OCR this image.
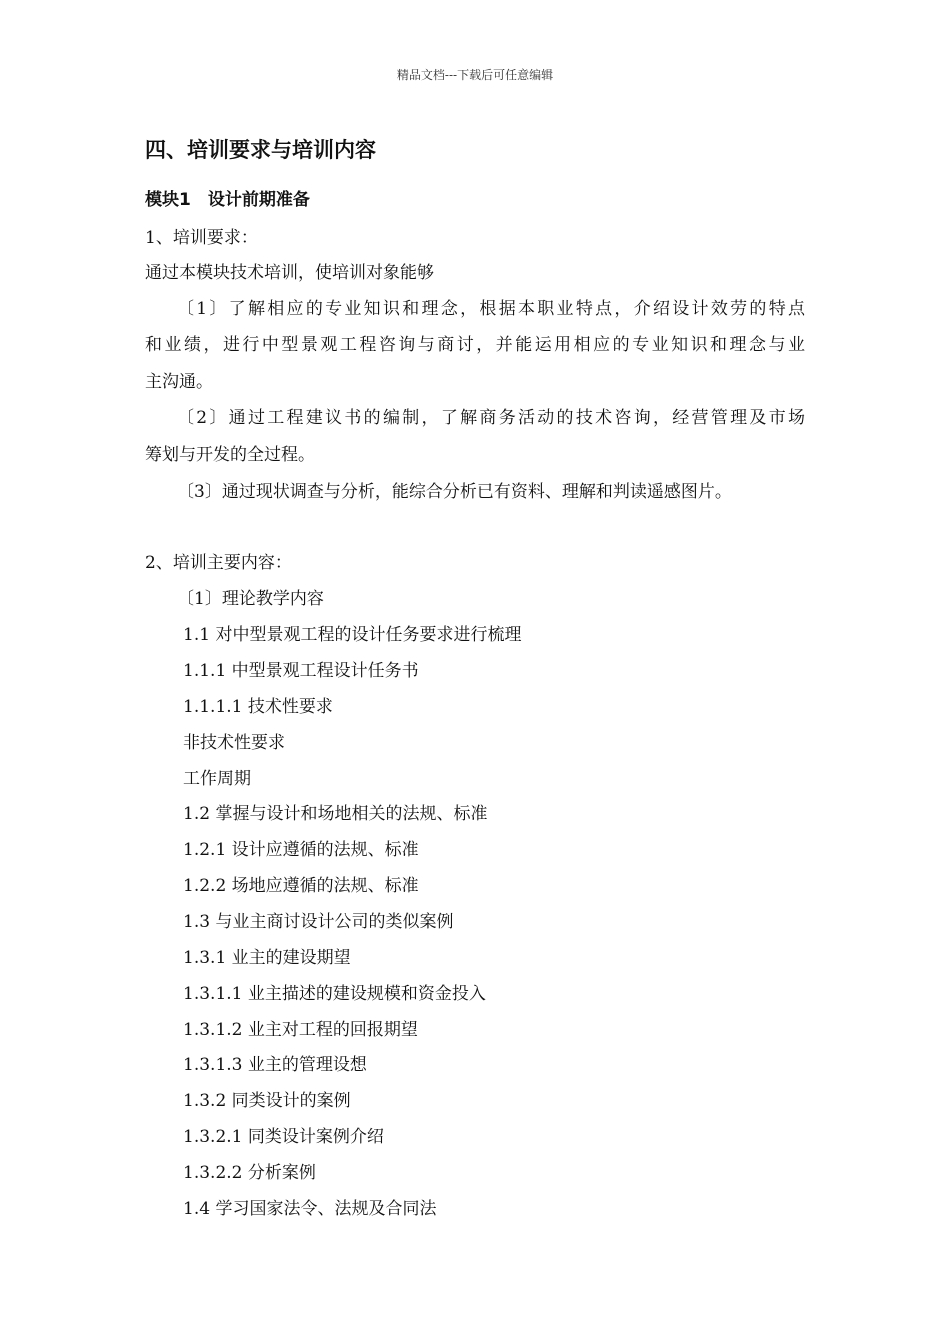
精品文档---下载后可任意编辑
四、培训要求与培训内容
模块1　设计前期准备
1、培训要求：
通过本模块技术培训，使培训对象能够
〔1〕了解相应的专业知识和理念，根据本职业特点，介绍设计效劳的特点
和业绩，进行中型景观工程咨询与商讨，并能运用相应的专业知识和理念与业
主沟通。
〔2〕通过工程建议书的编制，了解商务活动的技术咨询，经营管理及市场
筹划与开发的全过程。
〔3〕通过现状调查与分析，能综合分析已有资料、理解和判读遥感图片。
2、培训主要内容：
〔1〕理论教学内容
1.1 对中型景观工程的设计任务要求进行梳理
1.1.1 中型景观工程设计任务书
1.1.1.1 技术性要求
非技术性要求
工作周期
1.2 掌握与设计和场地相关的法规、标准
1.2.1 设计应遵循的法规、标准
1.2.2 场地应遵循的法规、标准
1.3 与业主商讨设计公司的类似案例
1.3.1 业主的建设期望
1.3.1.1 业主描述的建设规模和资金投入
1.3.1.2 业主对工程的回报期望
1.3.1.3 业主的管理设想
1.3.2 同类设计的案例
1.3.2.1 同类设计案例介绍
1.3.2.2 分析案例
1.4 学习国家法令、法规及合同法
